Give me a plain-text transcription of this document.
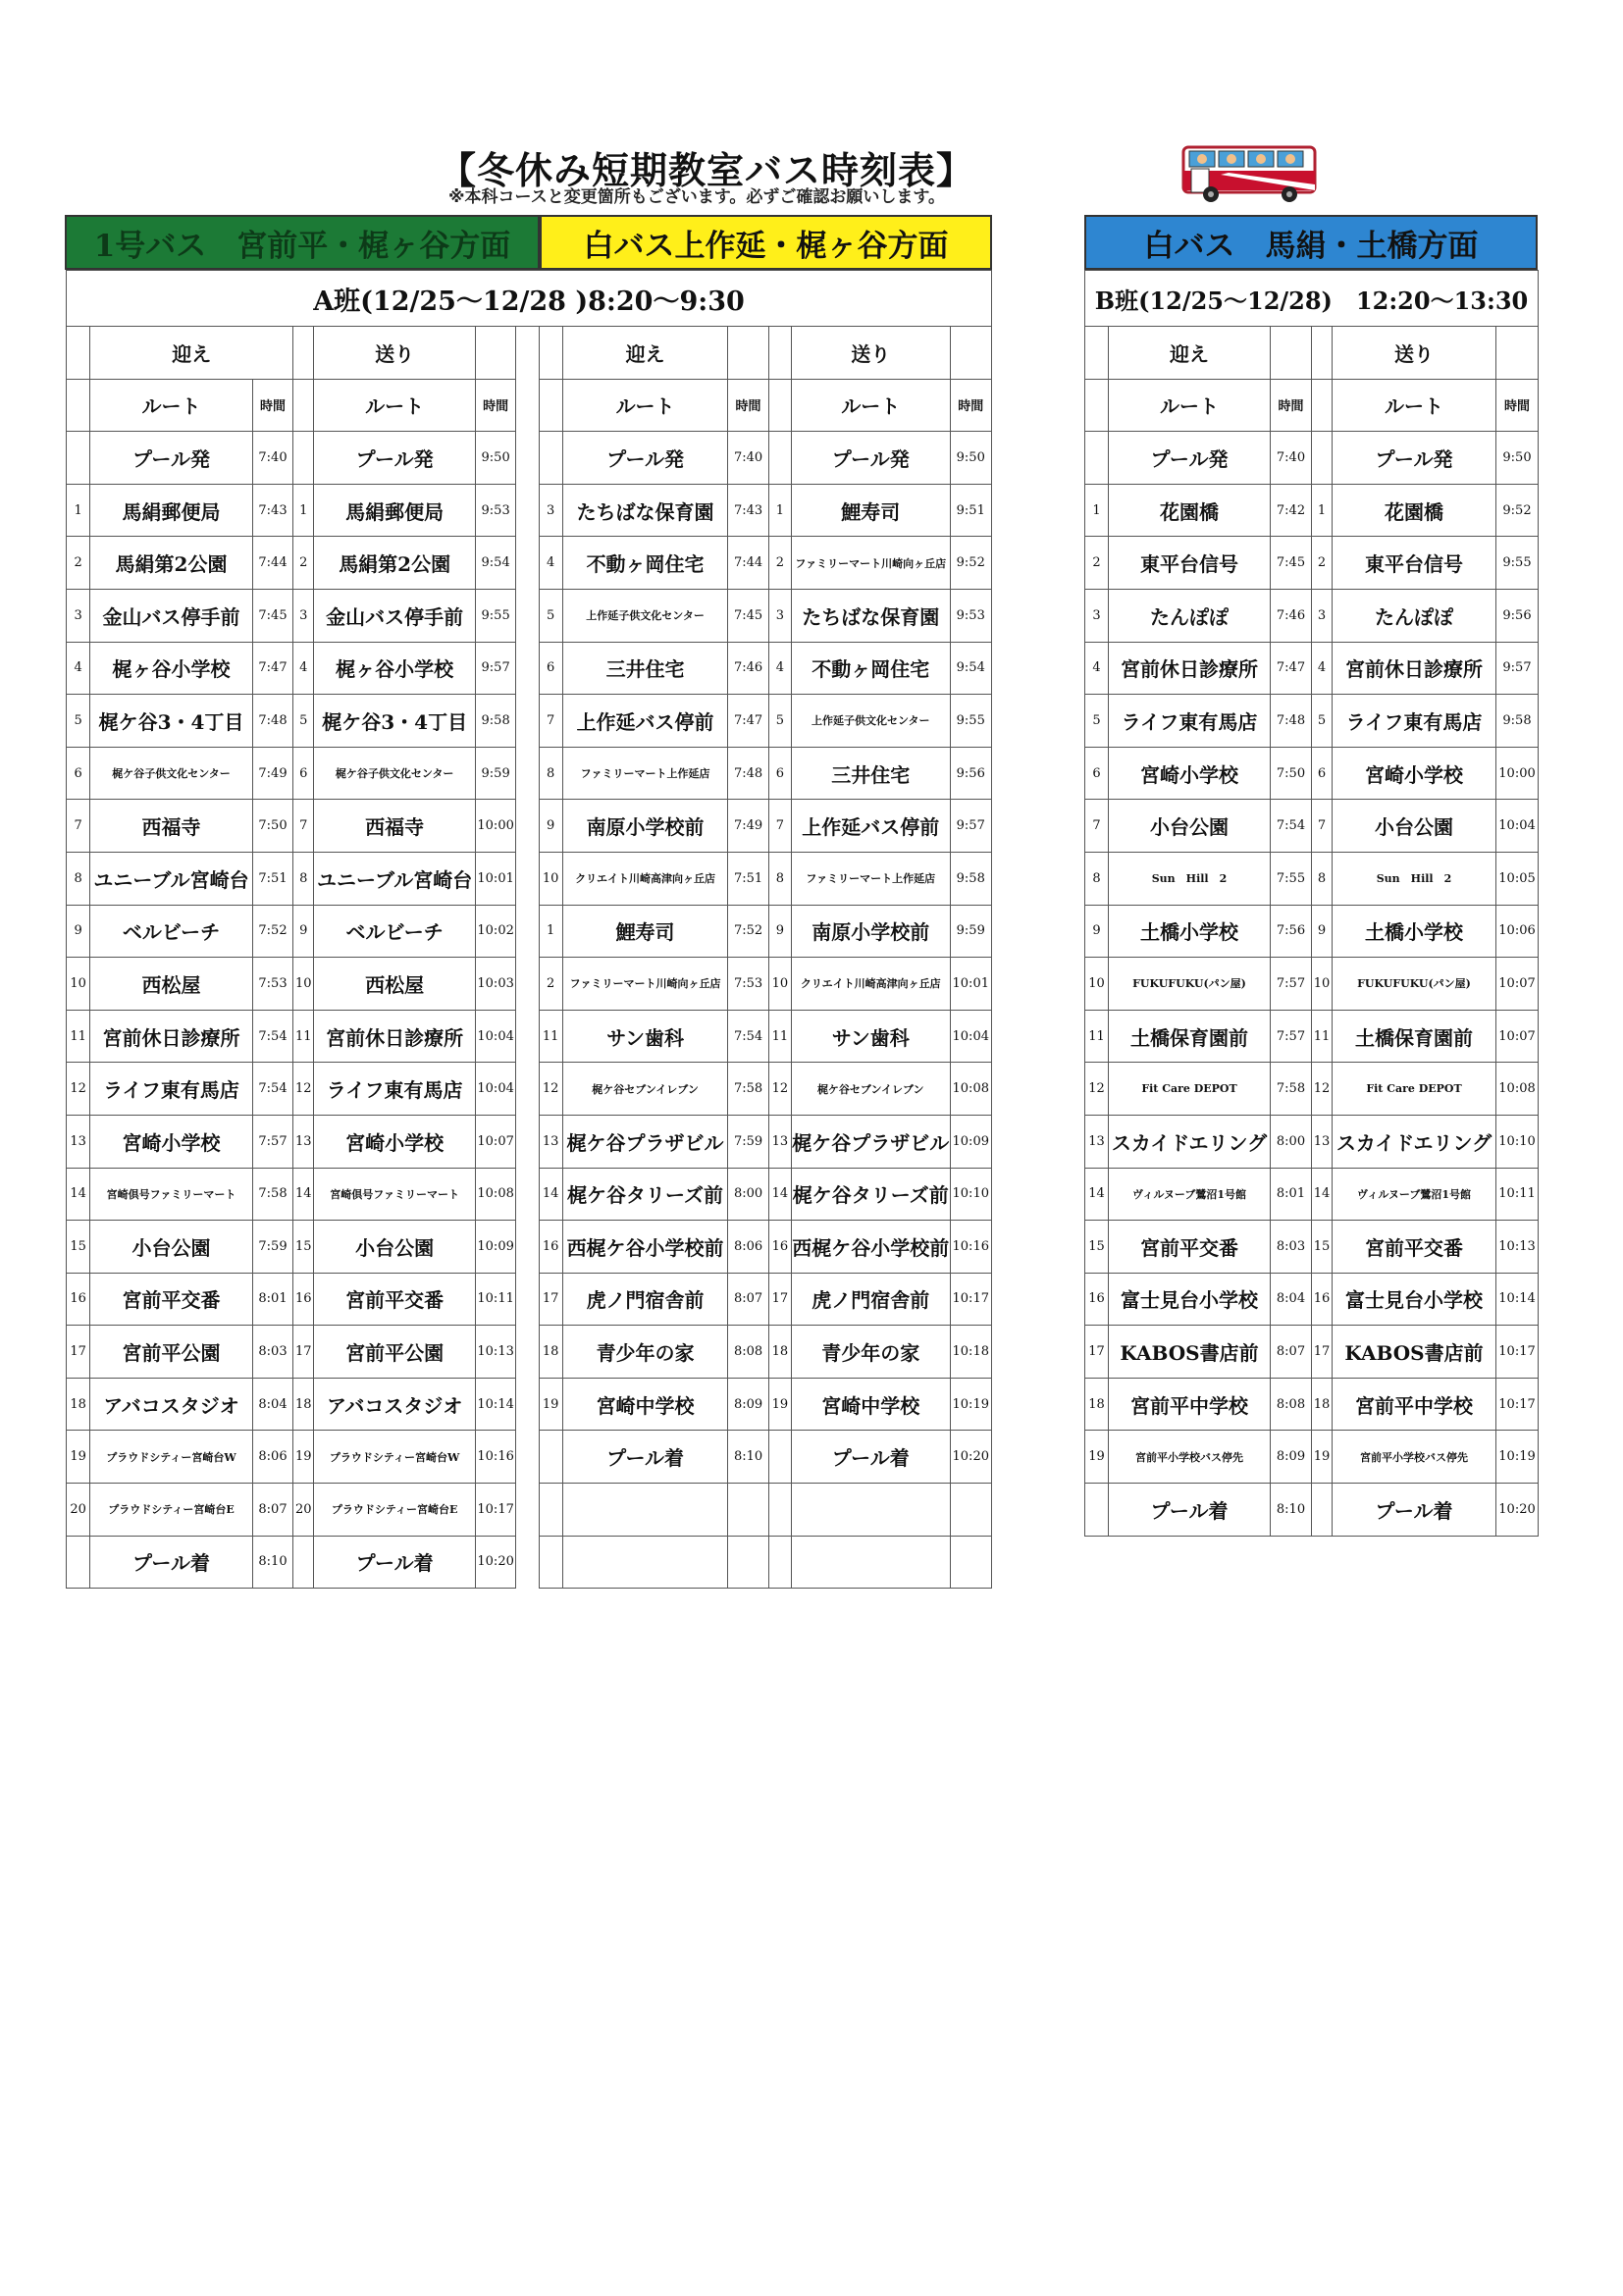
【冬休み短期教室バス時刻表】
※本科コースと変更箇所もございます。必ずご確認お願いします。
1号バス　宮前平・梶ヶ谷方面	白バス上作延・梶ヶ谷方面	白バス　馬絹・土橋方面
A班(12/25～12/28 )8:20～9:30												
	迎え			送り				迎え			送り	
	ルート	時間		ルート	時間			ルート	時間		ルート	時間
	プール発	7:40		プール発	9:50			プール発	7:40		プール発	9:50
1	馬絹郵便局	7:43	1	馬絹郵便局	9:53		3	たちばな保育園	7:43	1	鯉寿司	9:51
2	馬絹第2公園	7:44	2	馬絹第2公園	9:54		4	不動ヶ岡住宅	7:44	2	ファミリーマート川崎向ヶ丘店	9:52
3	金山バス停手前	7:45	3	金山バス停手前	9:55		5	上作延子供文化センター	7:45	3	たちばな保育園	9:53
4	梶ヶ谷小学校	7:47	4	梶ヶ谷小学校	9:57		6	三井住宅	7:46	4	不動ヶ岡住宅	9:54
5	梶ケ谷3・4丁目	7:48	5	梶ケ谷3・4丁目	9:58		7	上作延バス停前	7:47	5	上作延子供文化センター	9:55
6	梶ケ谷子供文化センター	7:49	6	梶ケ谷子供文化センター	9:59		8	ファミリーマート上作延店	7:48	6	三井住宅	9:56
7	西福寺	7:50	7	西福寺	10:00		9	南原小学校前	7:49	7	上作延バス停前	9:57
8	ユニーブル宮崎台	7:51	8	ユニーブル宮崎台	10:01		10	クリエイト川崎高津向ヶ丘店	7:51	8	ファミリーマート上作延店	9:58
9	ベルビーチ	7:52	9	ベルビーチ	10:02		1	鯉寿司	7:52	9	南原小学校前	9:59
10	西松屋	7:53	10	西松屋	10:03		2	ファミリーマート川崎向ヶ丘店	7:53	10	クリエイト川崎高津向ヶ丘店	10:01
11	宮前休日診療所	7:54	11	宮前休日診療所	10:04		11	サン歯科	7:54	11	サン歯科	10:04
12	ライフ東有馬店	7:54	12	ライフ東有馬店	10:04		12	梶ケ谷セブンイレブン	7:58	12	梶ケ谷セブンイレブン	10:08
13	宮崎小学校	7:57	13	宮崎小学校	10:07		13	梶ケ谷プラザビル	7:59	13	梶ケ谷プラザビル	10:09
14	宮崎倶号ファミリーマート	7:58	14	宮崎倶号ファミリーマート	10:08		14	梶ケ谷タリーズ前	8:00	14	梶ケ谷タリーズ前	10:10
15	小台公園	7:59	15	小台公園	10:09		16	西梶ケ谷小学校前	8:06	16	西梶ケ谷小学校前	10:16
16	宮前平交番	8:01	16	宮前平交番	10:11		17	虎ノ門宿舎前	8:07	17	虎ノ門宿舎前	10:17
17	宮前平公園	8:03	17	宮前平公園	10:13		18	青少年の家	8:08	18	青少年の家	10:18
18	アバコスタジオ	8:04	18	アバコスタジオ	10:14		19	宮崎中学校	8:09	19	宮崎中学校	10:19
19	プラウドシティー宮崎台W	8:06	19	プラウドシティー宮崎台W	10:16			プール着	8:10		プール着	10:20
20	プラウドシティー宮崎台E	8:07	20	プラウドシティー宮崎台E	10:17							
	プール着	8:10		プール着	10:20							
B班(12/25～12/28)　12:20～13:30					
	迎え			送り	
	ルート	時間		ルート	時間
	プール発	7:40		プール発	9:50
1	花園橋	7:42	1	花園橋	9:52
2	東平台信号	7:45	2	東平台信号	9:55
3	たんぽぽ	7:46	3	たんぽぽ	9:56
4	宮前休日診療所	7:47	4	宮前休日診療所	9:57
5	ライフ東有馬店	7:48	5	ライフ東有馬店	9:58
6	宮崎小学校	7:50	6	宮崎小学校	10:00
7	小台公園	7:54	7	小台公園	10:04
8	Sun　Hill　2	7:55	8	Sun　Hill　2	10:05
9	土橋小学校	7:56	9	土橋小学校	10:06
10	FUKUFUKU(パン屋)	7:57	10	FUKUFUKU(パン屋)	10:07
11	土橋保育園前	7:57	11	土橋保育園前	10:07
12	Fit Care DEPOT	7:58	12	Fit Care DEPOT	10:08
13	スカイドエリング	8:00	13	スカイドエリング	10:10
14	ヴィルヌーブ鷺沼1号館	8:01	14	ヴィルヌーブ鷺沼1号館	10:11
15	宮前平交番	8:03	15	宮前平交番	10:13
16	富士見台小学校	8:04	16	富士見台小学校	10:14
17	KABOS書店前	8:07	17	KABOS書店前	10:17
18	宮前平中学校	8:08	18	宮前平中学校	10:17
19	宮前平小学校バス停先	8:09	19	宮前平小学校バス停先	10:19
	プール着	8:10		プール着	10:20
